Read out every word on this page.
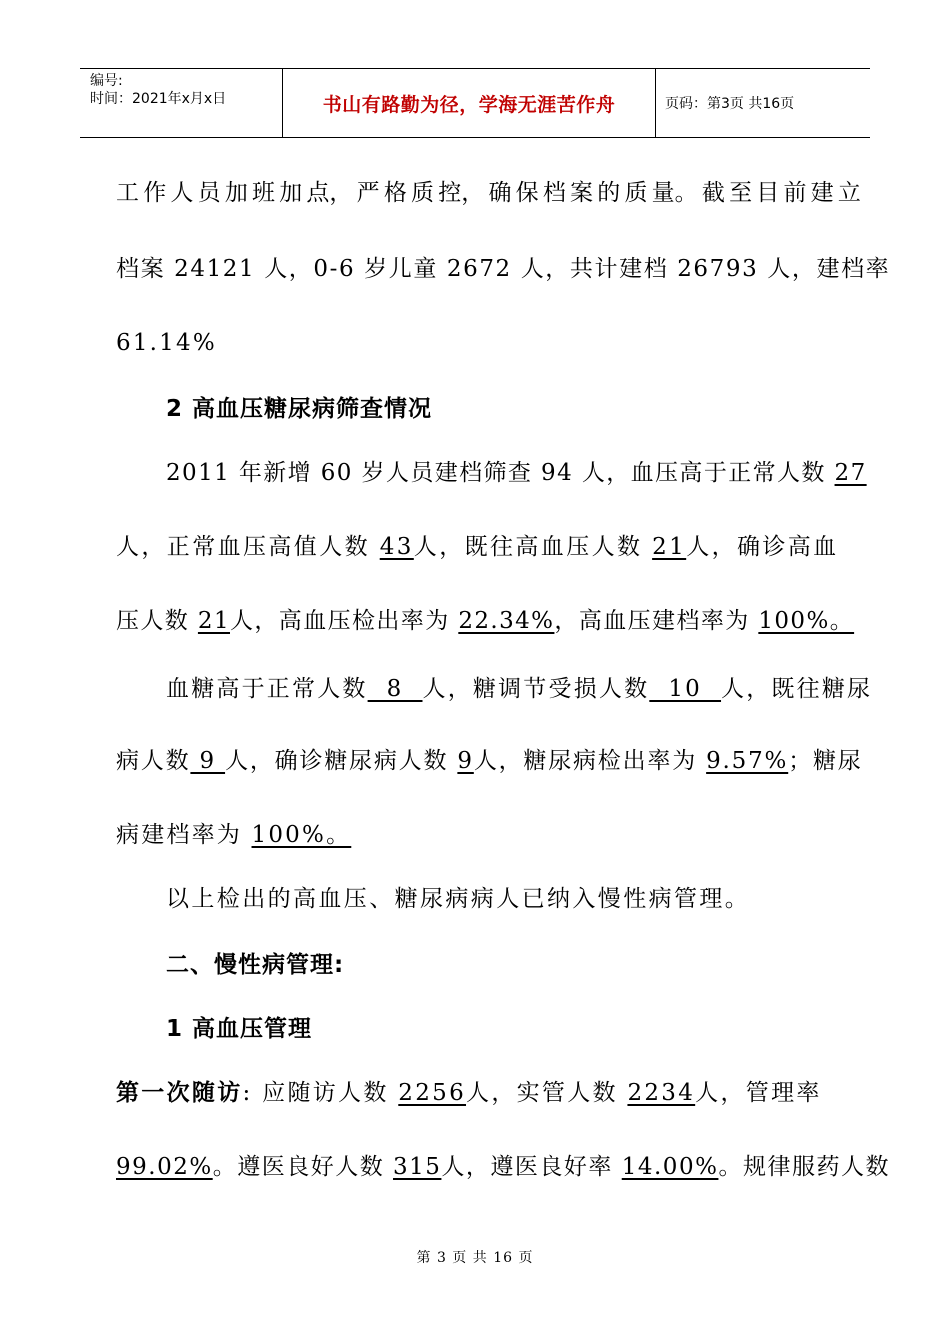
编号:
时间：2021年x月x日	书山有路勤为径，学海无涯苦作舟	页码：第3页 共16页
工 作 人 员 加 班 加 点， 严 格 质 控， 确 保 档 案 的 质 量。 截 至 目 前 建 立
档案 24121 人，0-6 岁儿童 2672 人，共计建档 26793 人，建档率
61.14%
2 高血压糖尿病筛查情况
2011 年新增 60 岁人员建档筛查 94 人，血压高于正常人数 27
人，正常血压高值人数 43人，既往高血压人数 21人，确诊高血
压人数 21人，高血压检出率为 22.34%，高血压建档率为 100%。
血糖高于正常人数  8  人，糖调节受损人数  10  人，既往糖尿
病人数 9 人，确诊糖尿病人数 9人，糖尿病检出率为 9.57%；糖尿
病建档率为 100%。
以上检出的高血压、糖尿病病人已纳入慢性病管理。
二、慢性病管理:
1 高血压管理
第一次随访: 应随访人数 2256人，实管人数 2234人，管理率
99.02%。遵医良好人数 315人，遵医良好率 14.00%。规律服药人数
第 3 页 共 16 页
